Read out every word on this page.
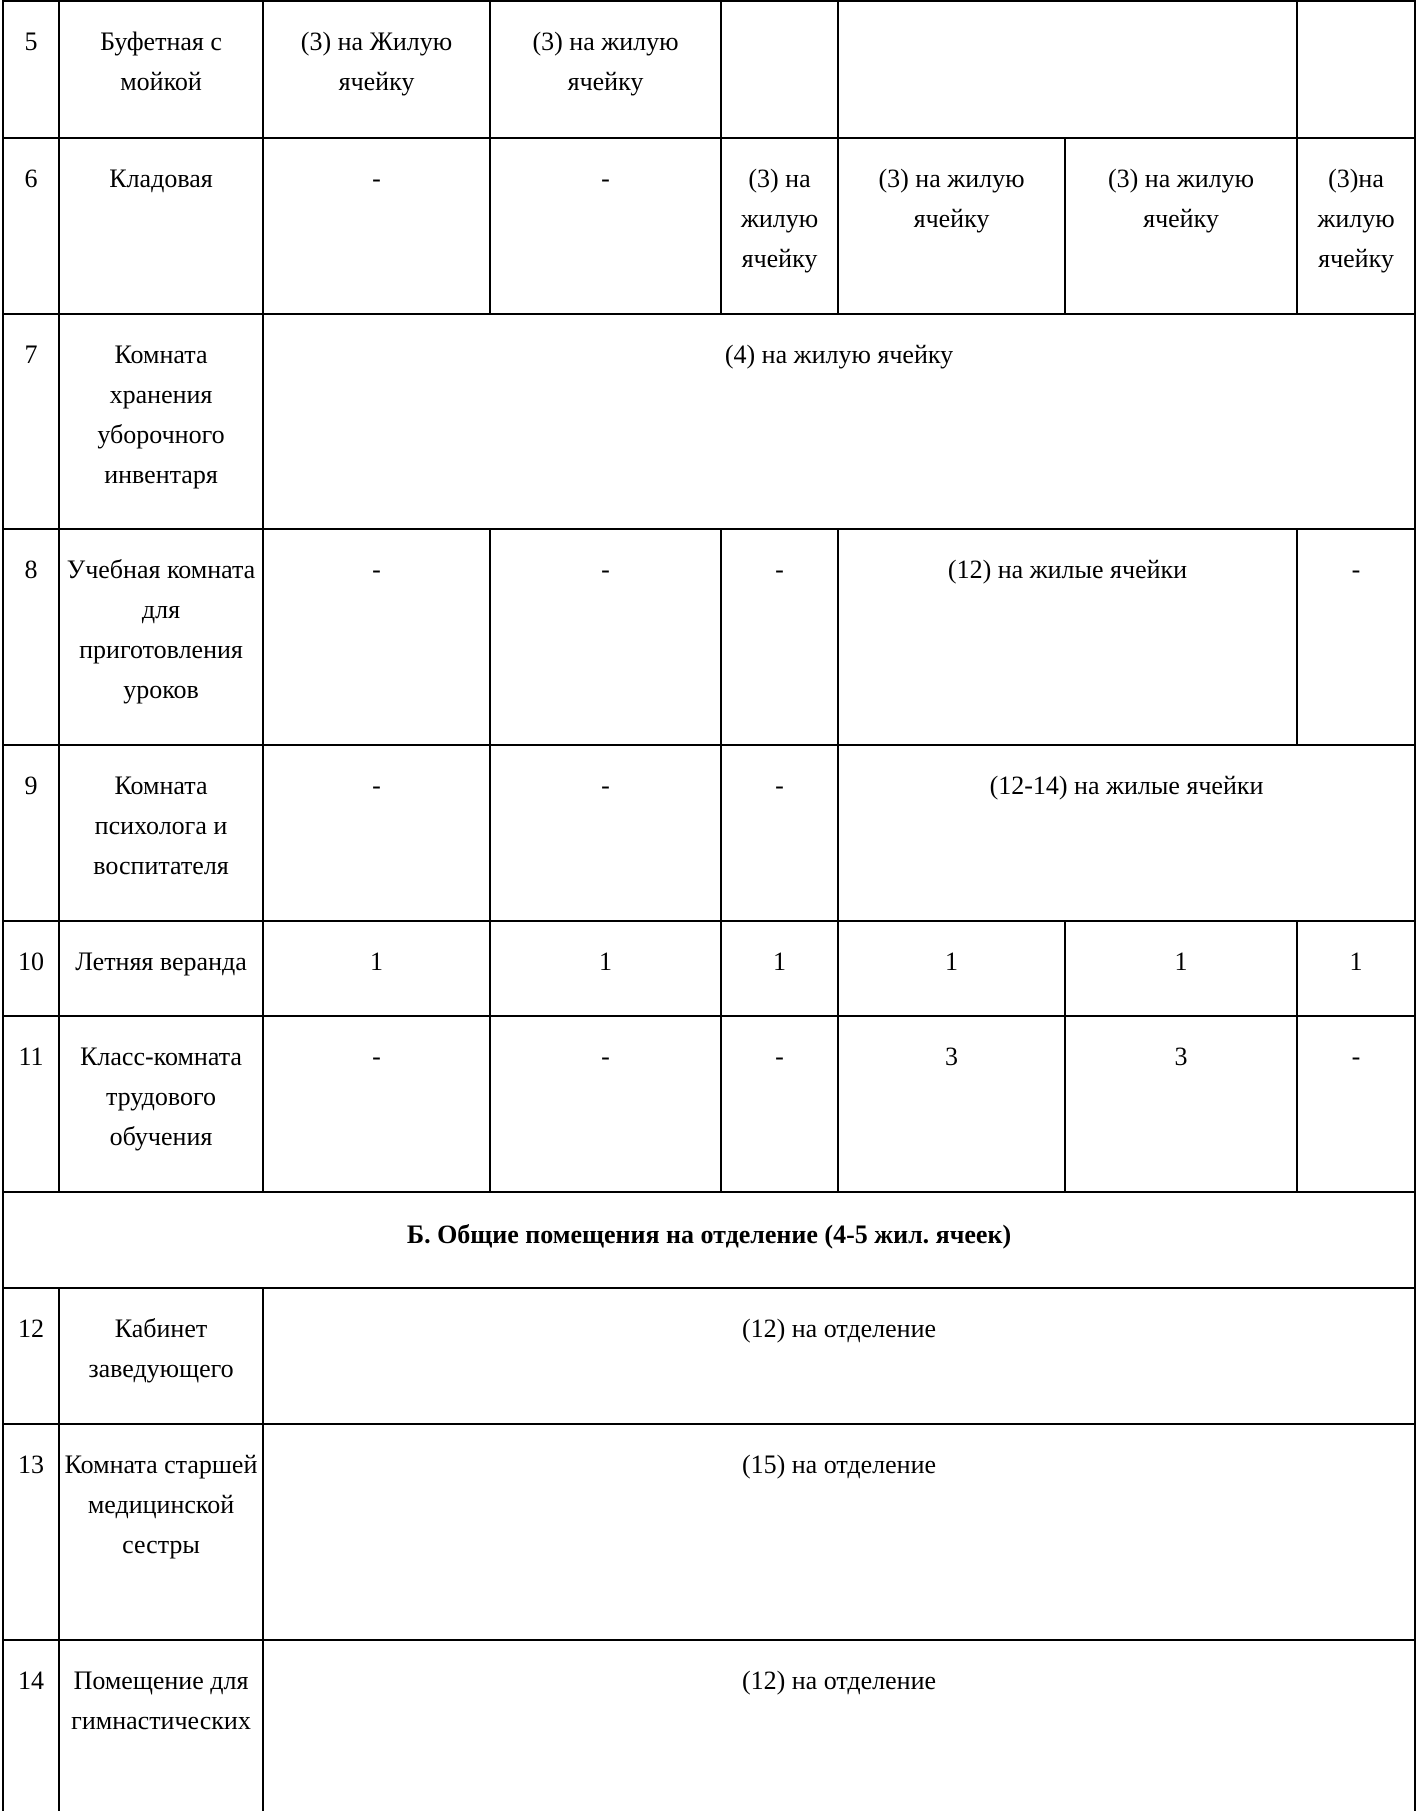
5	Буфетная с мойкой	(3) на Жилую ячейку	(3) на жилую ячейку				
6	Кладовая	-	-	(3) на жилую ячейку	(3) на жилую ячейку	(3) на жилую ячейку	(3)на жилую ячейку
7	Комната хранения уборочного инвентаря	(4) на жилую ячейку					
8	Учебная комната для приготовления уроков	-	-	-	(12) на жилые ячейки		-
9	Комната психолога и воспитателя	-	-	-	(12-14) на жилые ячейки		
10	Летняя веранда	1	1	1	1	1	1
11	Класс-комната трудового обучения	-	-	-	3	3	-
Б. Общие помещения на отделение (4-5 жил. ячеек)							
12	Кабинет заведующего	(12) на отделение					
13	Комната старшей медицинской сестры	(15) на отделение					
14	Помещение для гимнастических	(12) на отделение					
